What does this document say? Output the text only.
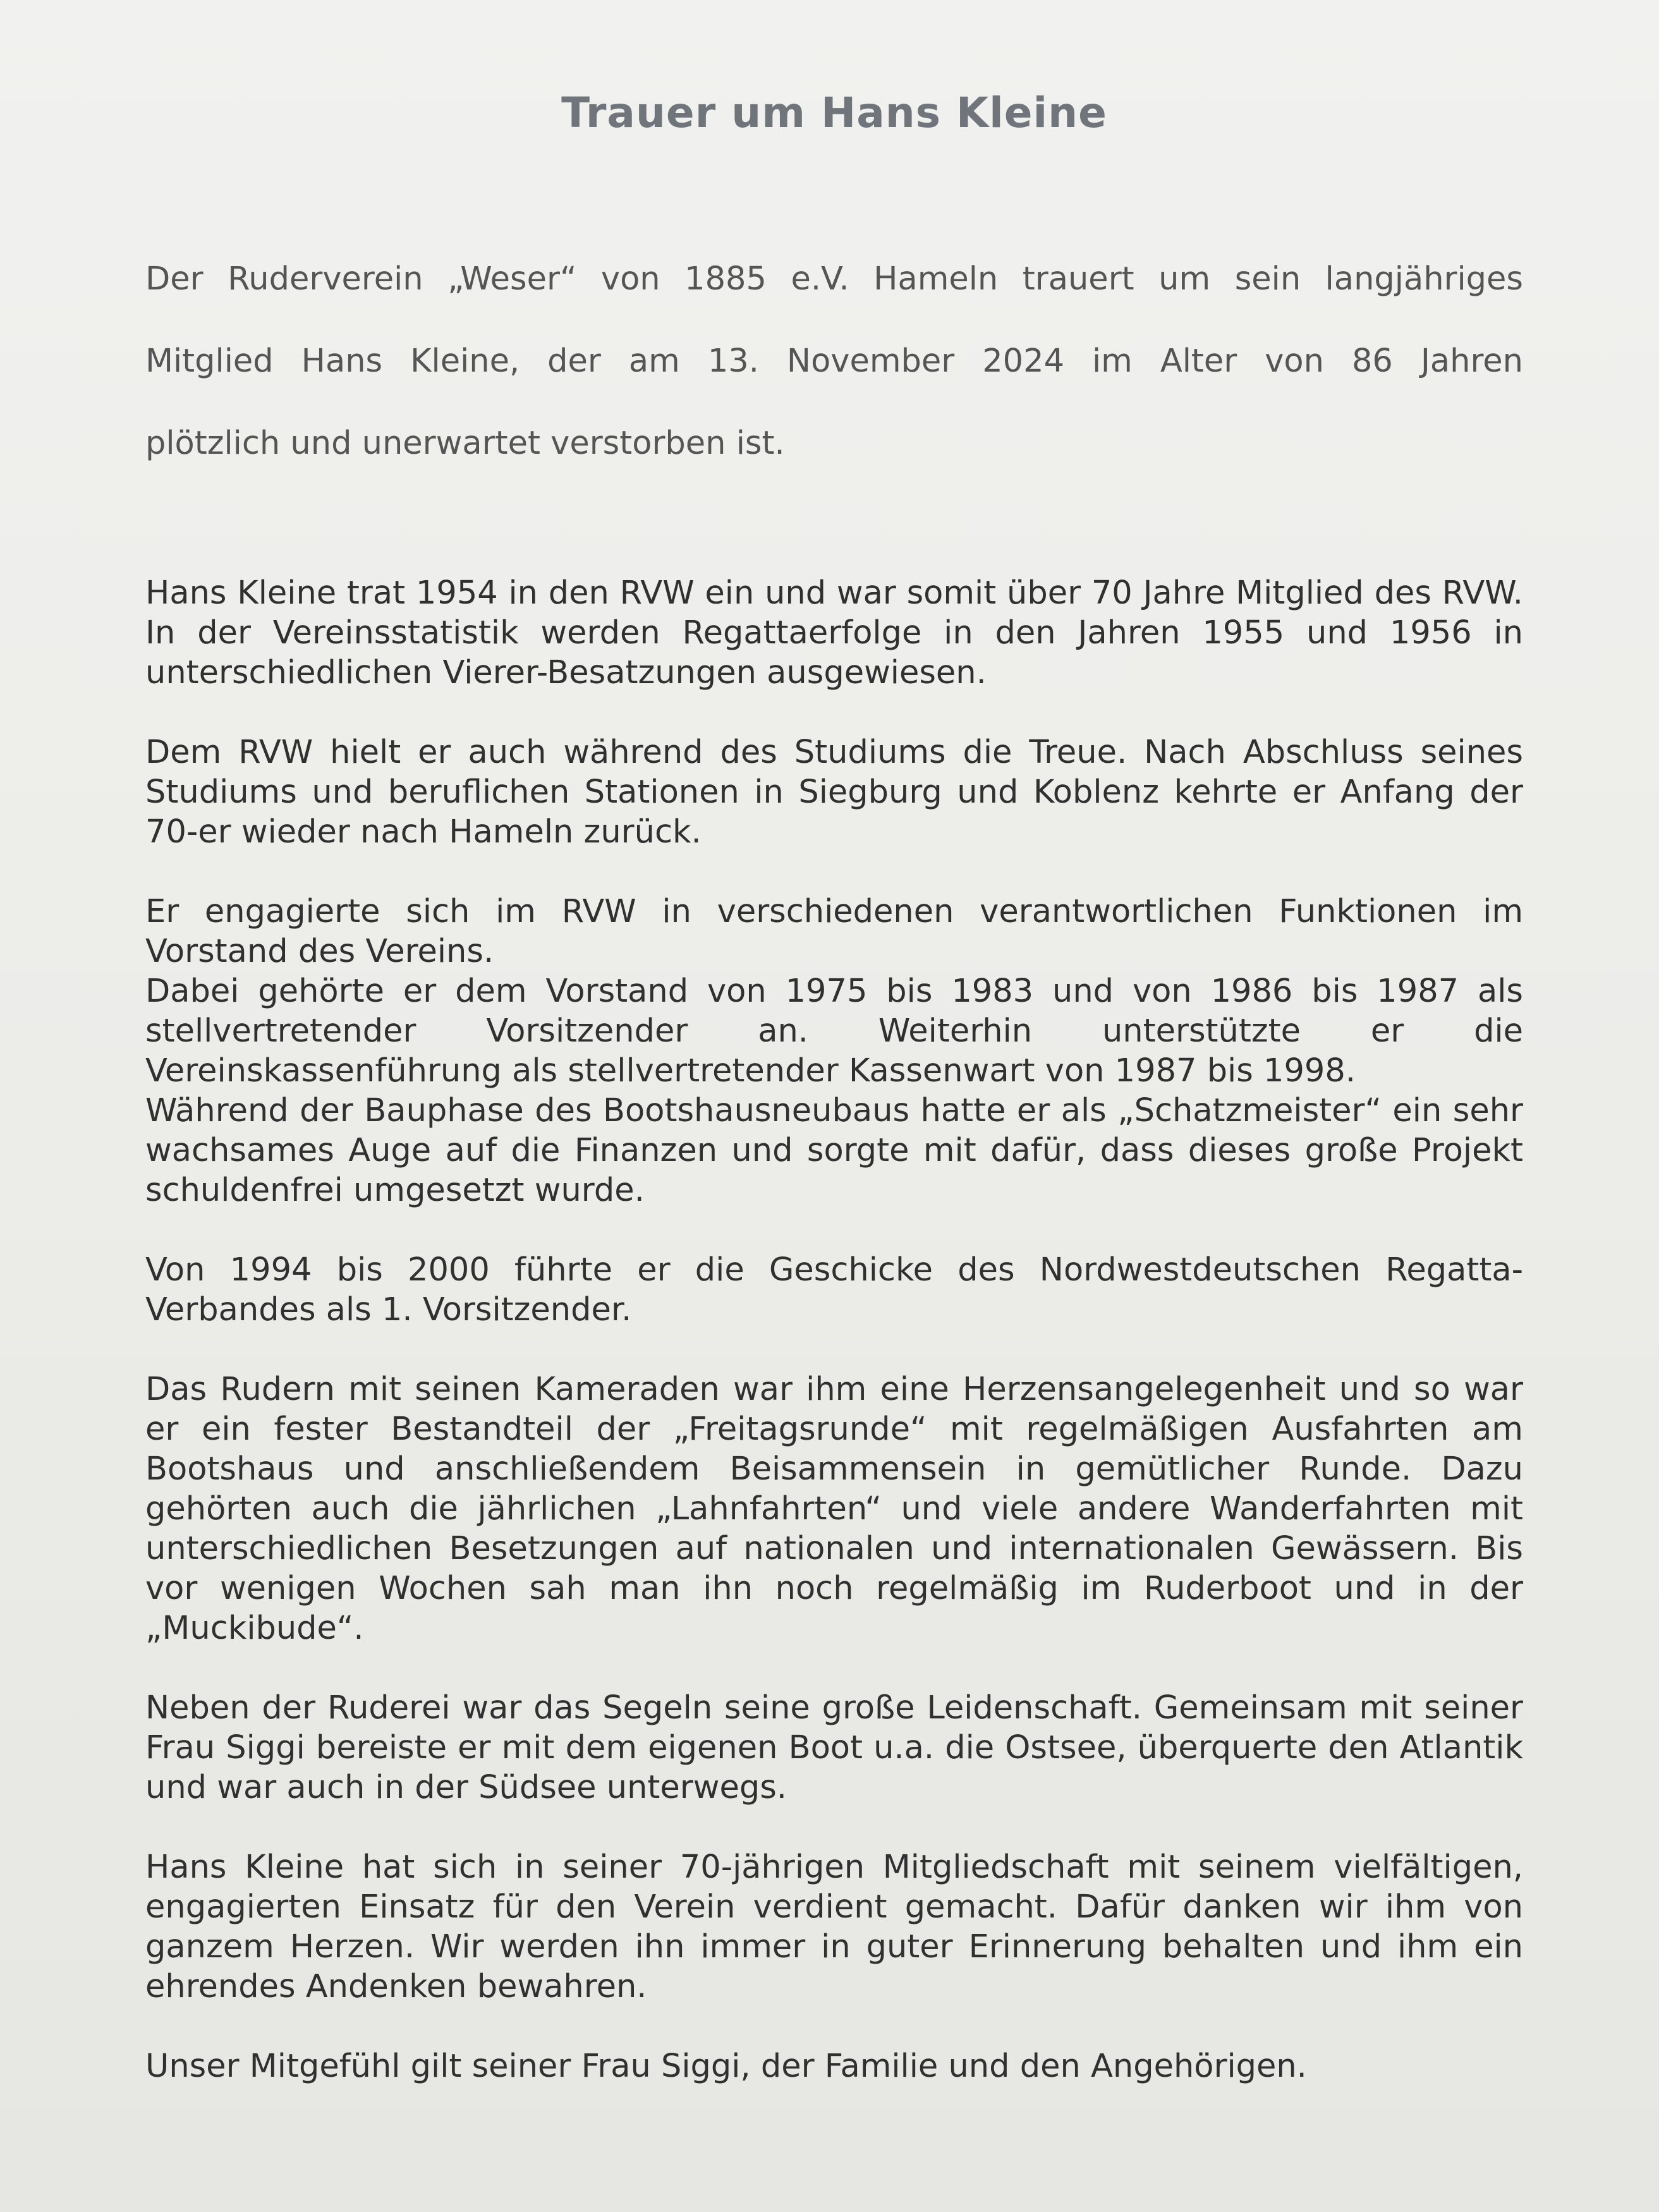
Trauer um Hans Kleine
Der Ruderverein „Weser“ von 1885 e.V. Hameln trauert um sein langjähriges
Mitglied Hans Kleine, der am 13. November 2024 im Alter von 86 Jahren
plötzlich und unerwartet verstorben ist.

Hans Kleine trat 1954 in den RVW ein und war somit über 70 Jahre Mitglied des RVW. In der Vereinsstatistik werden Regattaerfolge in den Jahren 1955 und 1956 in unterschiedlichen Vierer-Besatzungen ausgewiesen.

Dem RVW hielt er auch während des Studiums die Treue. Nach Abschluss seines Studiums und beruflichen Stationen in Siegburg und Koblenz kehrte er Anfang der 70-er wieder nach Hameln zurück.

Er engagierte sich im RVW in verschiedenen verantwortlichen Funktionen im Vorstand des Vereins.
Dabei gehörte er dem Vorstand von 1975 bis 1983 und von 1986 bis 1987 als stellvertretender Vorsitzender an. Weiterhin unterstützte er die Vereinskassenführung als stellvertretender Kassenwart von 1987 bis 1998.
Während der Bauphase des Bootshausneubaus hatte er als „Schatzmeister“ ein sehr wachsames Auge auf die Finanzen und sorgte mit dafür, dass dieses große Projekt schuldenfrei umgesetzt wurde.

Von 1994 bis 2000 führte er die Geschicke des Nordwestdeutschen Regatta-Verbandes als 1. Vorsitzender.

Das Rudern mit seinen Kameraden war ihm eine Herzensangelegenheit und so war er ein fester Bestandteil der „Freitagsrunde“ mit regelmäßigen Ausfahrten am Bootshaus und anschließendem Beisammensein in gemütlicher Runde. Dazu gehörten auch die jährlichen „Lahnfahrten“ und viele andere Wanderfahrten mit unterschiedlichen Besetzungen auf nationalen und internationalen Gewässern. Bis vor wenigen Wochen sah man ihn noch regelmäßig im Ruderboot und in der „Muckibude“.

Neben der Ruderei war das Segeln seine große Leidenschaft. Gemeinsam mit seiner Frau Siggi bereiste er mit dem eigenen Boot u.a. die Ostsee, überquerte den Atlantik und war auch in der Südsee unterwegs.

Hans Kleine hat sich in seiner 70-jährigen Mitgliedschaft mit seinem vielfältigen, engagierten Einsatz für den Verein verdient gemacht. Dafür danken wir ihm von ganzem Herzen. Wir werden ihn immer in guter Erinnerung behalten und ihm ein ehrendes Andenken bewahren.

Unser Mitgefühl gilt seiner Frau Siggi, der Familie und den Angehörigen.
